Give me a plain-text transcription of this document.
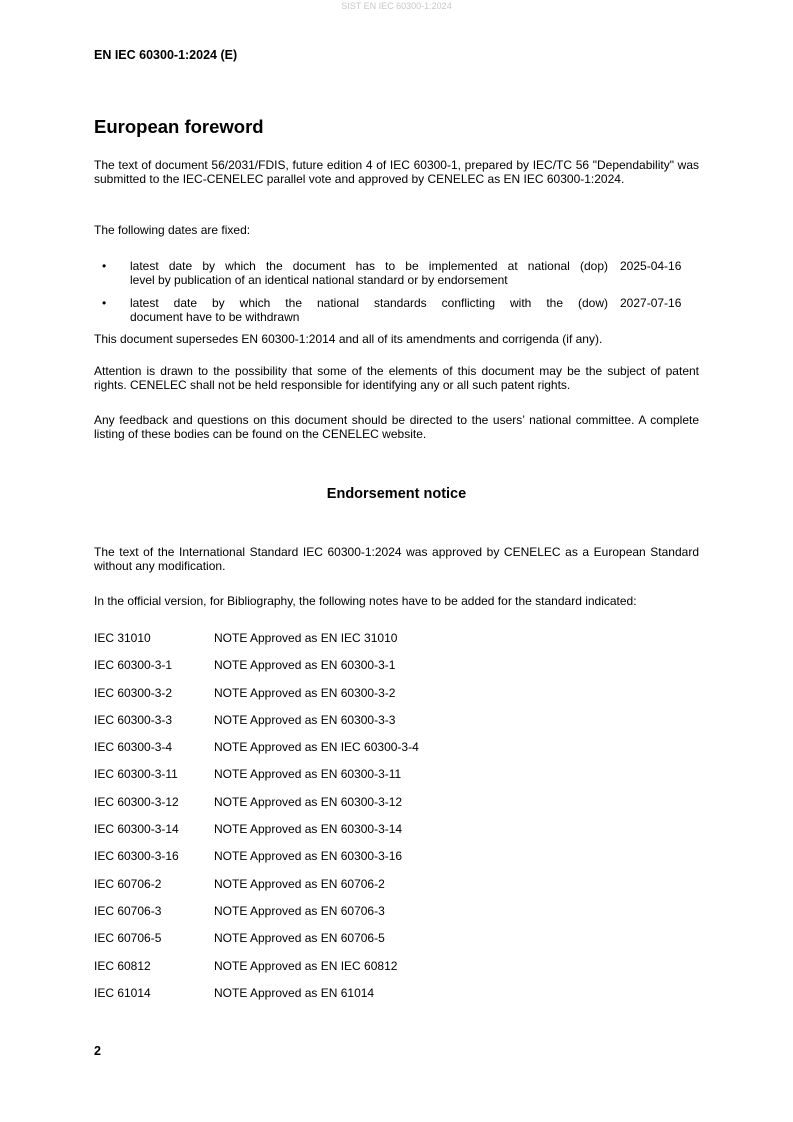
SIST EN IEC 60300-1:2024
EN IEC 60300-1:2024 (E)
European foreword

The text of document 56/2031/FDIS, future edition 4 of IEC 60300-1, prepared by IEC/TC 56 "Dependability" was submitted to the IEC-CENELEC parallel vote and approved by CENELEC as EN IEC 60300-1:2024.

The following dates are fixed:

• latest date by which the document has to be implemented at national (dop)
level by publication of an identical national standard or by endorsement
2025-04-16
• latest date by which the national standards conflicting with the (dow)
document have to be withdrawn
2027-07-16

This document supersedes EN 60300-1:2014 and all of its amendments and corrigenda (if any).

Attention is drawn to the possibility that some of the elements of this document may be the subject of patent rights. CENELEC shall not be held responsible for identifying any or all such patent rights.

Any feedback and questions on this document should be directed to the users’ national committee. A complete listing of these bodies can be found on the CENELEC website.

Endorsement notice

The text of the International Standard IEC 60300-1:2024 was approved by CENELEC as a European Standard without any modification.

In the official version, for Bibliography, the following notes have to be added for the standard indicated:

IEC 31010	NOTE Approved as EN IEC 31010
IEC 60300-3-1	NOTE Approved as EN 60300-3-1
IEC 60300-3-2	NOTE Approved as EN 60300-3-2
IEC 60300-3-3	NOTE Approved as EN 60300-3-3
IEC 60300-3-4	NOTE Approved as EN IEC 60300-3-4
IEC 60300-3-11	NOTE Approved as EN 60300-3-11
IEC 60300-3-12	NOTE Approved as EN 60300-3-12
IEC 60300-3-14	NOTE Approved as EN 60300-3-14
IEC 60300-3-16	NOTE Approved as EN 60300-3-16
IEC 60706-2	NOTE Approved as EN 60706-2
IEC 60706-3	NOTE Approved as EN 60706-3
IEC 60706-5	NOTE Approved as EN 60706-5
IEC 60812	NOTE Approved as EN IEC 60812
IEC 61014	NOTE Approved as EN 61014
2
